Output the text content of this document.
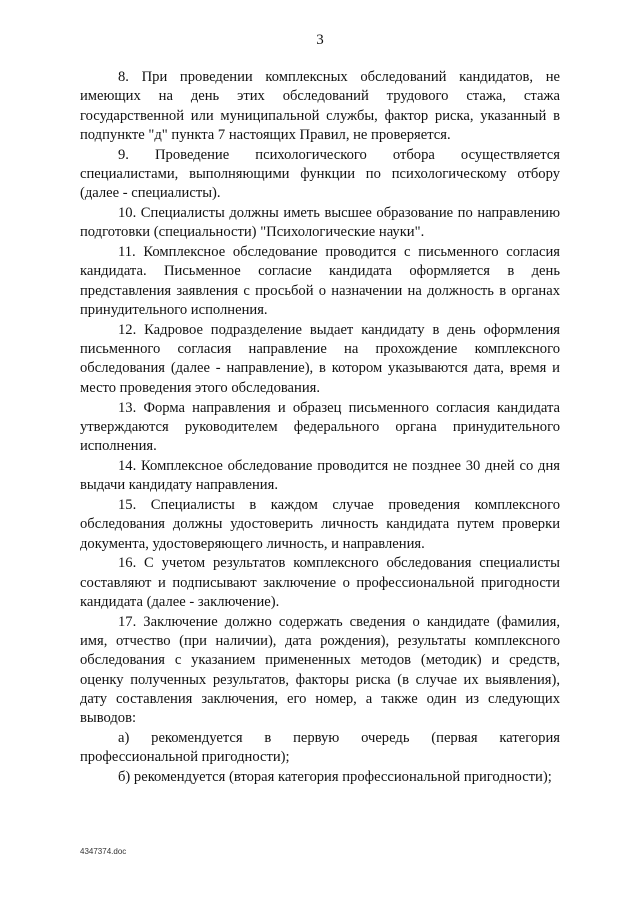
3

8. При проведении комплексных обследований кандидатов, не имеющих на день этих обследований трудового стажа, стажа государственной или муниципальной службы, фактор риска, указанный в подпункте "д" пункта 7 настоящих Правил, не проверяется.

9. Проведение психологического отбора осуществляется специалистами, выполняющими функции по психологическому отбору (далее - специалисты).

10. Специалисты должны иметь высшее образование по направлению подготовки (специальности) "Психологические науки".

11. Комплексное обследование проводится с письменного согласия кандидата. Письменное согласие кандидата оформляется в день представления заявления с просьбой о назначении на должность в органах принудительного исполнения.

12. Кадровое подразделение выдает кандидату в день оформления письменного согласия направление на прохождение комплексного обследования (далее - направление), в котором указываются дата, время и место проведения этого обследования.

13. Форма направления и образец письменного согласия кандидата утверждаются руководителем федерального органа принудительного исполнения.

14. Комплексное обследование проводится не позднее 30 дней со дня выдачи кандидату направления.

15. Специалисты в каждом случае проведения комплексного обследования должны удостоверить личность кандидата путем проверки документа, удостоверяющего личность, и направления.

16. С учетом результатов комплексного обследования специалисты составляют и подписывают заключение о профессиональной пригодности кандидата (далее - заключение).

17. Заключение должно содержать сведения о кандидате (фамилия, имя, отчество (при наличии), дата рождения), результаты комплексного обследования с указанием примененных методов (методик) и средств, оценку полученных результатов, факторы риска (в случае их выявления), дату составления заключения, его номер, а также один из следующих выводов:

а) рекомендуется в первую очередь (первая категория профессиональной пригодности);

б) рекомендуется (вторая категория профессиональной пригодности);

4347374.doc
